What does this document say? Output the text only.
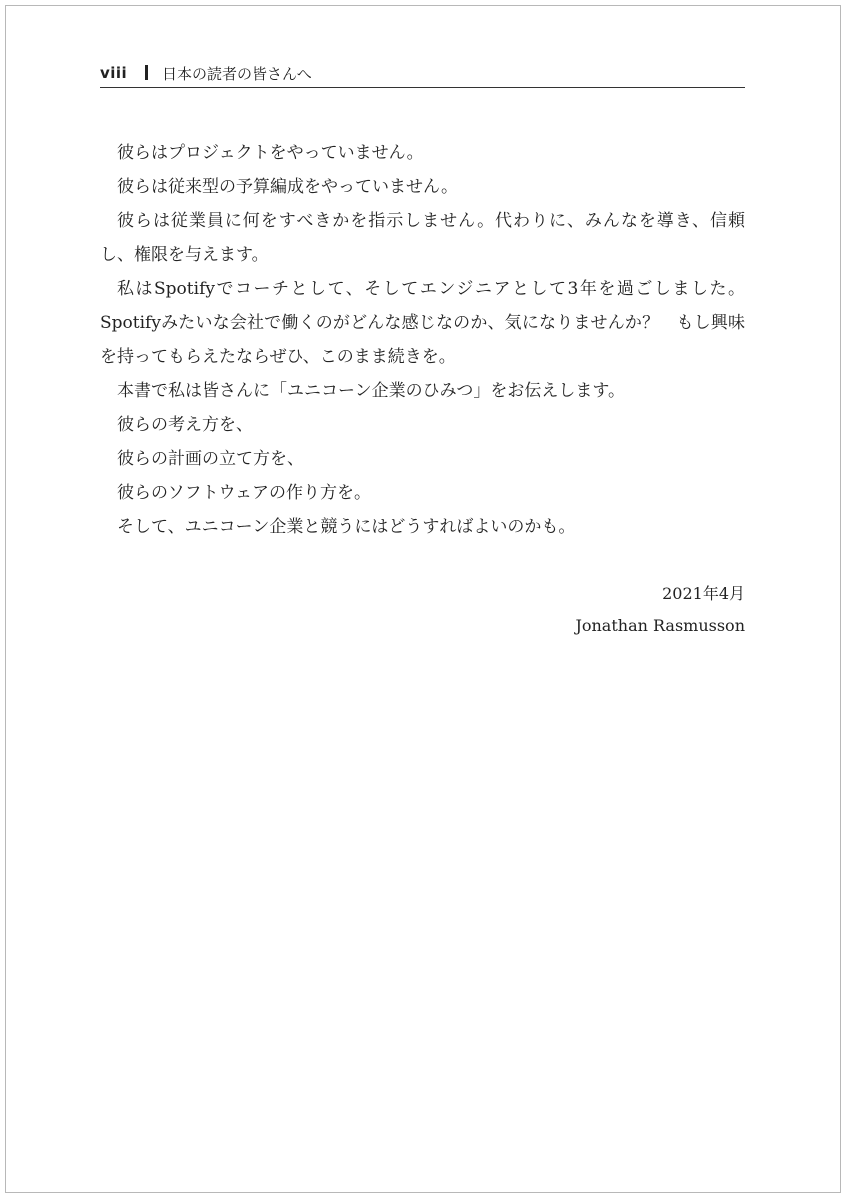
viii 日本の読者の皆さんへ

彼らはプロジェクトをやっていません。

彼らは従来型の予算編成をやっていません。

彼らは従業員に何をすべきかを指示しません。代わりに、みんなを導き、信頼し、権限を与えます。

私はSpotifyでコーチとして、そしてエンジニアとして3年を過ごしました。Spotifyみたいな会社で働くのがどんな感じなのか、気になりませんか？　もし興味を持ってもらえたならぜひ、このまま続きを。

本書で私は皆さんに「ユニコーン企業のひみつ」をお伝えします。

彼らの考え方を、

彼らの計画の立て方を、

彼らのソフトウェアの作り方を。

そして、ユニコーン企業と競うにはどうすればよいのかも。

2021年4月
Jonathan Rasmusson
